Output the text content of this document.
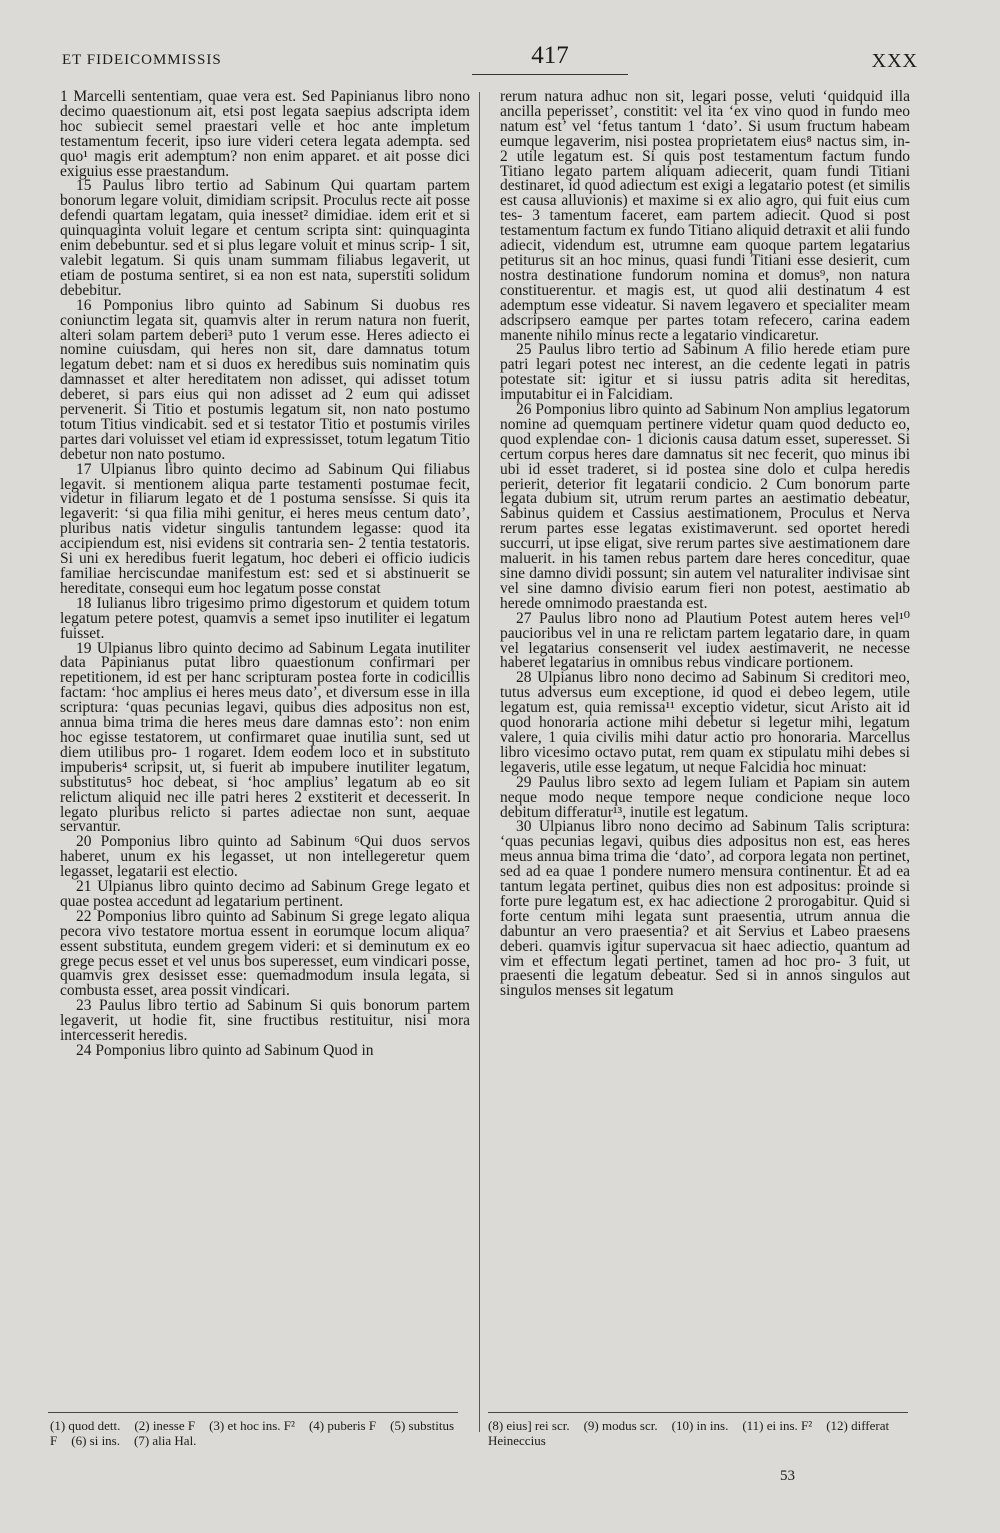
ET FIDEICOMMISSIS	417	XXX

1 Marcelli sententiam, quae vera est. Sed Papinianus libro nono decimo quaestionum ait, etsi post legata saepius adscripta idem hoc subiecit semel praestari velle et hoc ante impletum testamentum fecerit, ipso iure videri cetera legata adempta. sed quo¹ magis erit ademptum? non enim apparet. et ait posse dici exiguius esse praestandum.

15 Paulus libro tertio ad Sabinum Qui quartam partem bonorum legare voluit, dimidiam scripsit. Proculus recte ait posse defendi quartam legatam, quia inesset² dimidiae. idem erit et si quinquaginta voluit legare et centum scripta sint: quinquaginta enim debebuntur. sed et si plus legare voluit et minus scrip- 1 sit, valebit legatum. Si quis unam summam filiabus legaverit, ut etiam de postuma sentiret, si ea non est nata, superstiti solidum debebitur.

16 Pomponius libro quinto ad Sabinum Si duobus res coniunctim legata sit, quamvis alter in rerum natura non fuerit, alteri solam partem deberi³ puto 1 verum esse. Heres adiecto ei nomine cuiusdam, qui heres non sit, dare damnatus totum legatum debet: nam et si duos ex heredibus suis nominatim quis damnasset et alter hereditatem non adisset, qui adisset totum deberet, si pars eius qui non adisset ad 2 eum qui adisset pervenerit. Si Titio et postumis legatum sit, non nato postumo totum Titius vindicabit. sed et si testator Titio et postumis viriles partes dari voluisset vel etiam id expressisset, totum legatum Titio debetur non nato postumo.

17 Ulpianus libro quinto decimo ad Sabinum Qui filiabus legavit. si mentionem aliqua parte testamenti postumae fecit, videtur in filiarum legato et de 1 postuma sensisse. Si quis ita legaverit: ‘si qua filia mihi genitur, ei heres meus centum dato’, pluribus natis videtur singulis tantundem legasse: quod ita accipiendum est, nisi evidens sit contraria sen- 2 tentia testatoris. Si uni ex heredibus fuerit legatum, hoc deberi ei officio iudicis familiae herciscundae manifestum est: sed et si abstinuerit se hereditate, consequi eum hoc legatum posse constat

18 Iulianus libro trigesimo primo digestorum et quidem totum legatum petere potest, quamvis a semet ipso inutiliter ei legatum fuisset.

19 Ulpianus libro quinto decimo ad Sabinum Legata inutiliter data Papinianus putat libro quaestionum confirmari per repetitionem, id est per hanc scripturam postea forte in codicillis factam: ‘hoc amplius ei heres meus dato’, et diversum esse in illa scriptura: ‘quas pecunias legavi, quibus dies adpositus non est, annua bima trima die heres meus dare damnas esto’: non enim hoc egisse testatorem, ut confirmaret quae inutilia sunt, sed ut diem utilibus pro- 1 rogaret. Idem eodem loco et in substituto impuberis⁴ scripsit, ut, si fuerit ab impubere inutiliter legatum, substitutus⁵ hoc debeat, si ‘hoc amplius’ legatum ab eo sit relictum aliquid nec ille patri heres 2 exstiterit et decesserit. In legato pluribus relicto si partes adiectae non sunt, aequae servantur.

20 Pomponius libro quinto ad Sabinum ⁶Qui duos servos haberet, unum ex his legasset, ut non intellegeretur quem legasset, legatarii est electio.

21 Ulpianus libro quinto decimo ad Sabinum Grege legato et quae postea accedunt ad legatarium pertinent.

22 Pomponius libro quinto ad Sabinum Si grege legato aliqua pecora vivo testatore mortua essent in eorumque locum aliqua⁷ essent substituta, eundem gregem videri: et si deminutum ex eo grege pecus esset et vel unus bos superesset, eum vindicari posse, quamvis grex desisset esse: quemadmodum insula legata, si combusta esset, area possit vindicari.

23 Paulus libro tertio ad Sabinum Si quis bonorum partem legaverit, ut hodie fit, sine fructibus restituitur, nisi mora intercesserit heredis.

24 Pomponius libro quinto ad Sabinum Quod in

rerum natura adhuc non sit, legari posse, veluti ‘quidquid illa ancilla peperisset’, constitit: vel ita ‘ex vino quod in fundo meo natum est’ vel ‘fetus tantum 1 ‘dato’. Si usum fructum habeam eumque legaverim, nisi postea proprietatem eius⁸ nactus sim, in- 2 utile legatum est. Si quis post testamentum factum fundo Titiano legato partem aliquam adiecerit, quam fundi Titiani destinaret, id quod adiectum est exigi a legatario potest (et similis est causa alluvionis) et maxime si ex alio agro, qui fuit eius cum tes- 3 tamentum faceret, eam partem adiecit. Quod si post testamentum factum ex fundo Titiano aliquid detraxit et alii fundo adiecit, videndum est, utrumne eam quoque partem legatarius petiturus sit an hoc minus, quasi fundi Titiani esse desierit, cum nostra destinatione fundorum nomina et domus⁹, non natura constituerentur. et magis est, ut quod alii destinatum 4 est ademptum esse videatur. Si navem legavero et specialiter meam adscripsero eamque per partes totam refecero, carina eadem manente nihilo minus recte a legatario vindicaretur.

25 Paulus libro tertio ad Sabinum A filio herede etiam pure patri legari potest nec interest, an die cedente legati in patris potestate sit: igitur et si iussu patris adita sit hereditas, imputabitur ei in Falcidiam.

26 Pomponius libro quinto ad Sabinum Non amplius legatorum nomine ad quemquam pertinere videtur quam quod deducto eo, quod explendae con- 1 dicionis causa datum esset, superesset. Si certum corpus heres dare damnatus sit nec fecerit, quo minus ibi ubi id esset traderet, si id postea sine dolo et culpa heredis perierit, deterior fit legatarii condicio. 2 Cum bonorum parte legata dubium sit, utrum rerum partes an aestimatio debeatur, Sabinus quidem et Cassius aestimationem, Proculus et Nerva rerum partes esse legatas existimaverunt. sed oportet heredi succurri, ut ipse eligat, sive rerum partes sive aestimationem dare maluerit. in his tamen rebus partem dare heres conceditur, quae sine damno dividi possunt; sin autem vel naturaliter indivisae sint vel sine damno divisio earum fieri non potest, aestimatio ab herede omnimodo praestanda est.

27 Paulus libro nono ad Plautium Potest autem heres vel¹⁰ paucioribus vel in una re relictam partem legatario dare, in quam vel legatarius consenserit vel iudex aestimaverit, ne necesse haberet legatarius in omnibus rebus vindicare portionem.

28 Ulpianus libro nono decimo ad Sabinum Si creditori meo, tutus adversus eum exceptione, id quod ei debeo legem, utile legatum est, quia remissa¹¹ exceptio videtur, sicut Aristo ait id quod honoraria actione mihi debetur si legetur mihi, legatum valere, 1 quia civilis mihi datur actio pro honoraria. Marcellus libro vicesimo octavo putat, rem quam ex stipulatu mihi debes si legaveris, utile esse legatum, ut neque Falcidia hoc minuat:

29 Paulus libro sexto ad legem Iuliam et Papiam sin autem neque modo neque tempore neque condicione neque loco debitum differatur¹³, inutile est legatum.

30 Ulpianus libro nono decimo ad Sabinum Talis scriptura: ‘quas pecunias legavi, quibus dies adpositus non est, eas heres meus annua bima trima die ‘dato’, ad corpora legata non pertinet, sed ad ea quae 1 pondere numero mensura continentur. Et ad ea tantum legata pertinet, quibus dies non est adpositus: proinde si forte pure legatum est, ex hac adiectione 2 prorogabitur. Quid si forte centum mihi legata sunt praesentia, utrum annua die dabuntur an vero praesentia? et ait Servius et Labeo praesens deberi. quamvis igitur supervacua sit haec adiectio, quantum ad vim et effectum legati pertinet, tamen ad hoc pro- 3 fuit, ut praesenti die legatum debeatur. Sed si in annos singulos aut singulos menses sit legatum

(1) quod dett. (2) inesse F (3) et hoc ins. F² (4) puberis F (5) substitus F (6) si ins. (7) alia Hal.
(8) eius] rei scr. (9) modus scr. (10) in ins. (11) ei ins. F² (12) differat Heineccius
53
